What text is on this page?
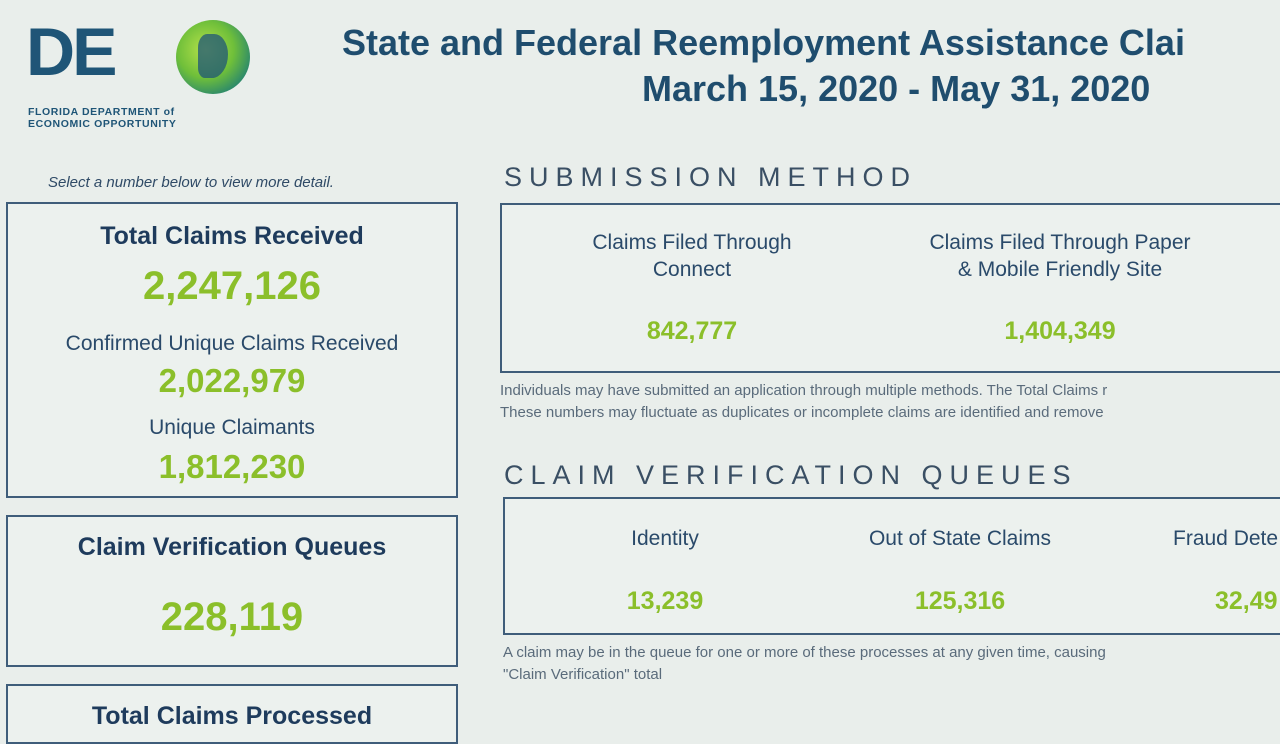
DE
FLORIDA DEPARTMENT of
ECONOMIC OPPORTUNITY
State and Federal Reemployment Assistance Clai
March 15, 2020 - May 31, 2020
Select a number below to view more detail.
Total Claims Received
2,247,126
Confirmed Unique Claims Received
2,022,979
Unique Claimants
1,812,230
Claim Verification Queues
228,119
Total Claims Processed
SUBMISSION METHOD
Claims Filed Through
Connect
842,777
Claims Filed Through Paper
& Mobile Friendly Site
1,404,349
Individuals may have submitted an application through multiple methods. The Total Claims r
These numbers may fluctuate as duplicates or incomplete claims are identified and remove
CLAIM VERIFICATION QUEUES
Identity
13,239
Out of State Claims
125,316
Fraud Dete
32,49
A claim may be in the queue for one or more of these processes at any given time, causing
"Claim Verification" total
